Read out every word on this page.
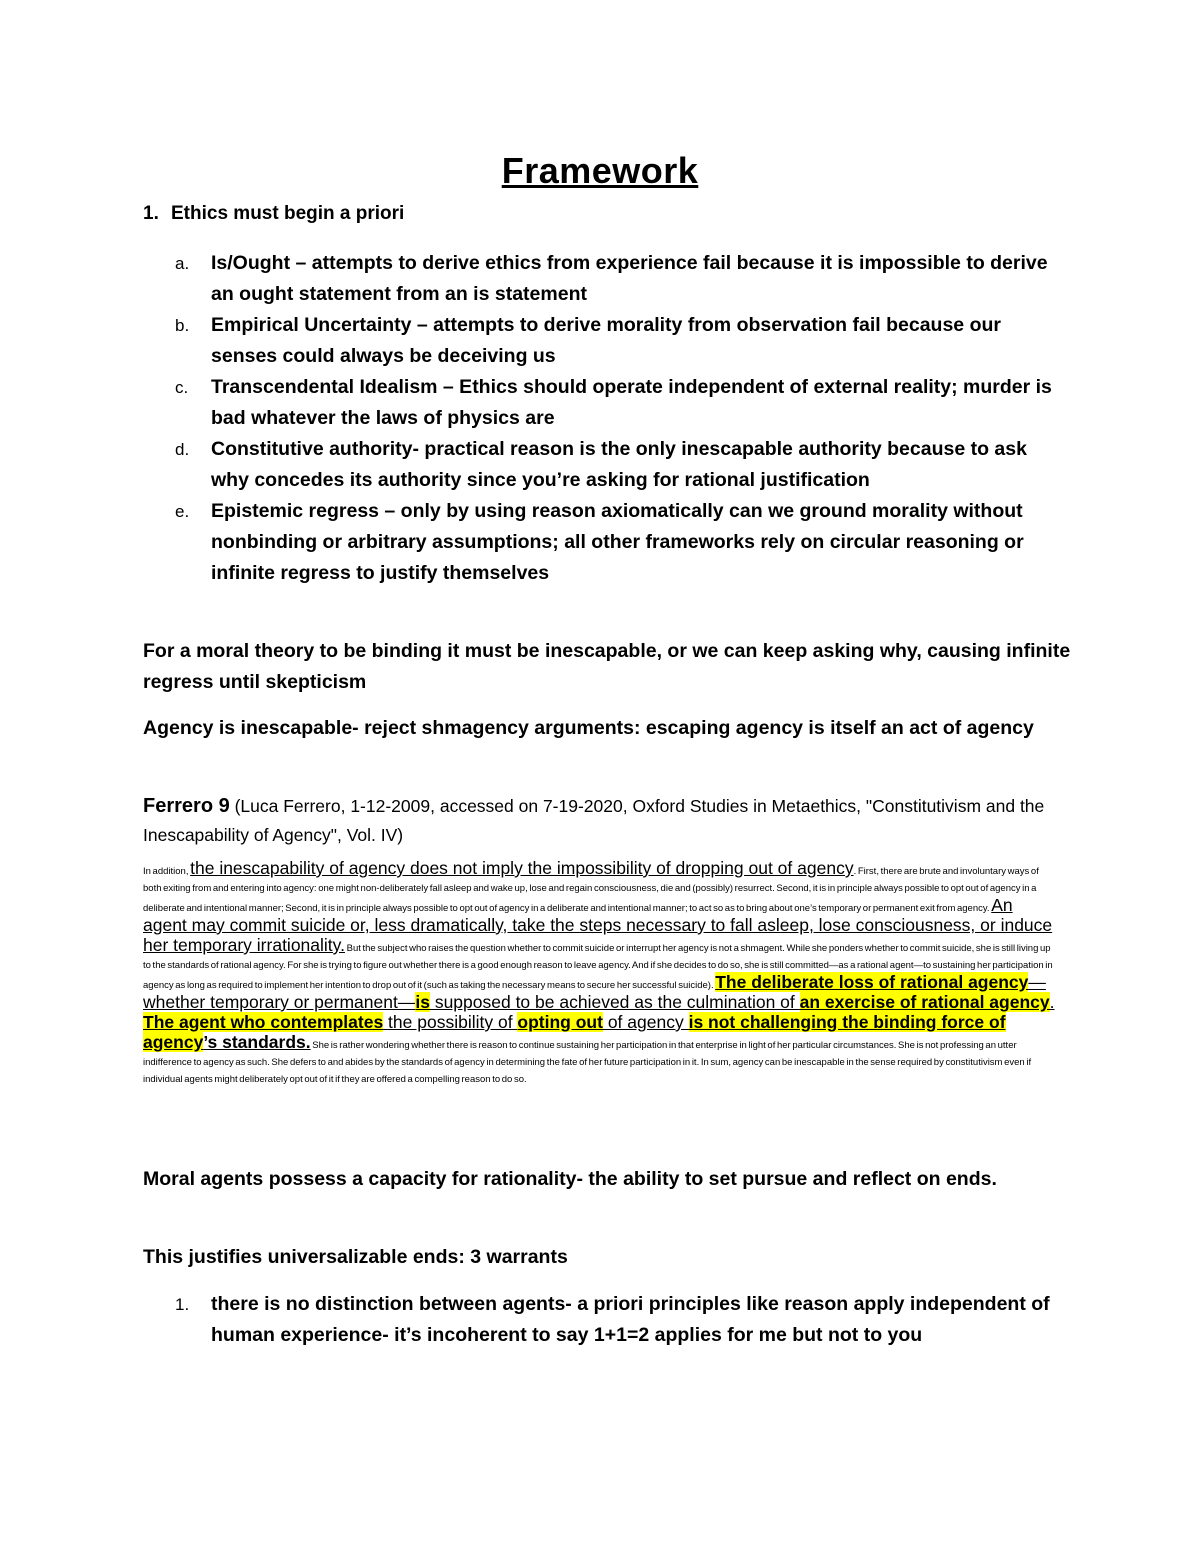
Framework
1. Ethics must begin a priori
a. Is/Ought – attempts to derive ethics from experience fail because it is impossible to derive an ought statement from an is statement
b. Empirical Uncertainty – attempts to derive morality from observation fail because our senses could always be deceiving us
c. Transcendental Idealism – Ethics should operate independent of external reality; murder is bad whatever the laws of physics are
d. Constitutive authority- practical reason is the only inescapable authority because to ask why concedes its authority since you’re asking for rational justification
e. Epistemic regress – only by using reason axiomatically can we ground morality without nonbinding or arbitrary assumptions; all other frameworks rely on circular reasoning or infinite regress to justify themselves
For a moral theory to be binding it must be inescapable, or we can keep asking why, causing infinite regress until skepticism
Agency is inescapable- reject shmagency arguments: escaping agency is itself an act of agency
Ferrero 9 (Luca Ferrero, 1-12-2009, accessed on 7-19-2020, Oxford Studies in Metaethics, "Constitutivism and the Inescapability of Agency", Vol. IV)
In addition, the inescapability of agency does not imply the impossibility of dropping out of agency. First, there are brute and involuntary ways of both exiting from and entering into agency: one might non-deliberately fall asleep and wake up, lose and regain consciousness, die and (possibly) resurrect. Second, it is in principle always possible to opt out of agency in a deliberate and intentional manner; Second, it is in principle always possible to opt out of agency in a deliberate and intentional manner; to act so as to bring about one’s temporary or permanent exit from agency. An agent may commit suicide or, less dramatically, take the steps necessary to fall asleep, lose consciousness, or induce her temporary irrationality. But the subject who raises the question whether to commit suicide or interrupt her agency is not a shmagent. While she ponders whether to commit suicide, she is still living up to the standards of rational agency. For she is trying to figure out whether there is a good enough reason to leave agency. And if she decides to do so, she is still committed—as a rational agent—to sustaining her participation in agency as long as required to implement her intention to drop out of it (such as taking the necessary means to secure her successful suicide). The deliberate loss of rational agency— whether temporary or permanent—is supposed to be achieved as the culmination of an exercise of rational agency. The agent who contemplates the possibility of opting out of agency is not challenging the binding force of agency’s standards. She is rather wondering whether there is reason to continue sustaining her participation in that enterprise in light of her particular circumstances. She is not professing an utter indifference to agency as such. She defers to and abides by the standards of agency in determining the fate of her future participation in it. In sum, agency can be inescapable in the sense required by constitutivism even if individual agents might deliberately opt out of it if they are offered a compelling reason to do so.
Moral agents possess a capacity for rationality- the ability to set pursue and reflect on ends.
This justifies universalizable ends: 3 warrants
1.	there is no distinction between agents- a priori principles like reason apply independent of human experience- it’s incoherent to say 1+1=2 applies for me but not to you
